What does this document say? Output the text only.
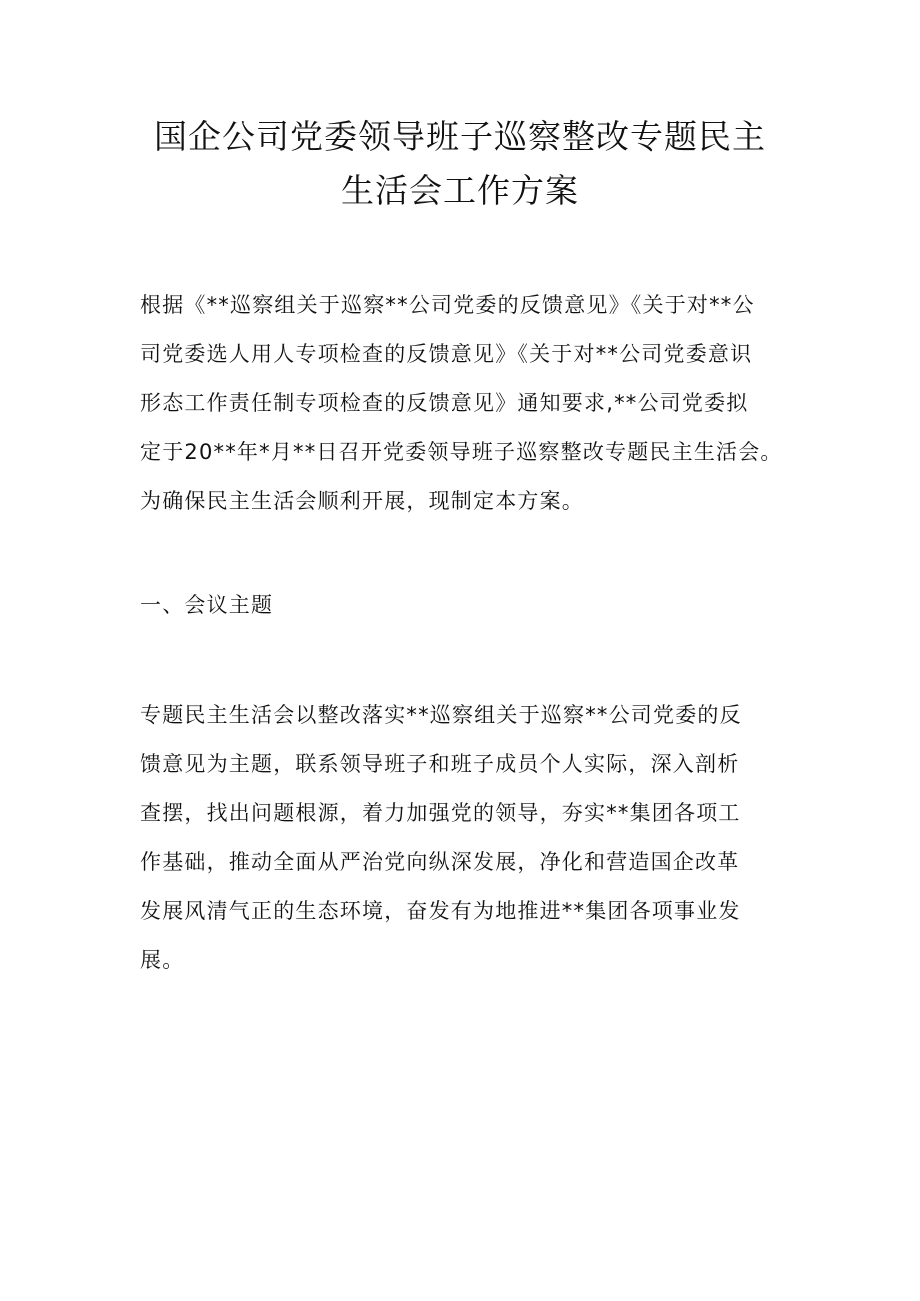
国企公司党委领导班子巡察整改专题民主
生活会工作方案

根据《**巡察组关于巡察**公司党委的反馈意见》《关于对**公
司党委选人用人专项检查的反馈意见》《关于对**公司党委意识
形态工作责任制专项检查的反馈意见》通知要求,**公司党委拟
定于20**年*月**日召开党委领导班子巡察整改专题民主生活会。
为确保民主生活会顺利开展，现制定本方案。

一、会议主题

专题民主生活会以整改落实**巡察组关于巡察**公司党委的反
馈意见为主题，联系领导班子和班子成员个人实际，深入剖析
查摆，找出问题根源，着力加强党的领导，夯实**集团各项工
作基础，推动全面从严治党向纵深发展，净化和营造国企改革
发展风清气正的生态环境，奋发有为地推进**集团各项事业发
展。
